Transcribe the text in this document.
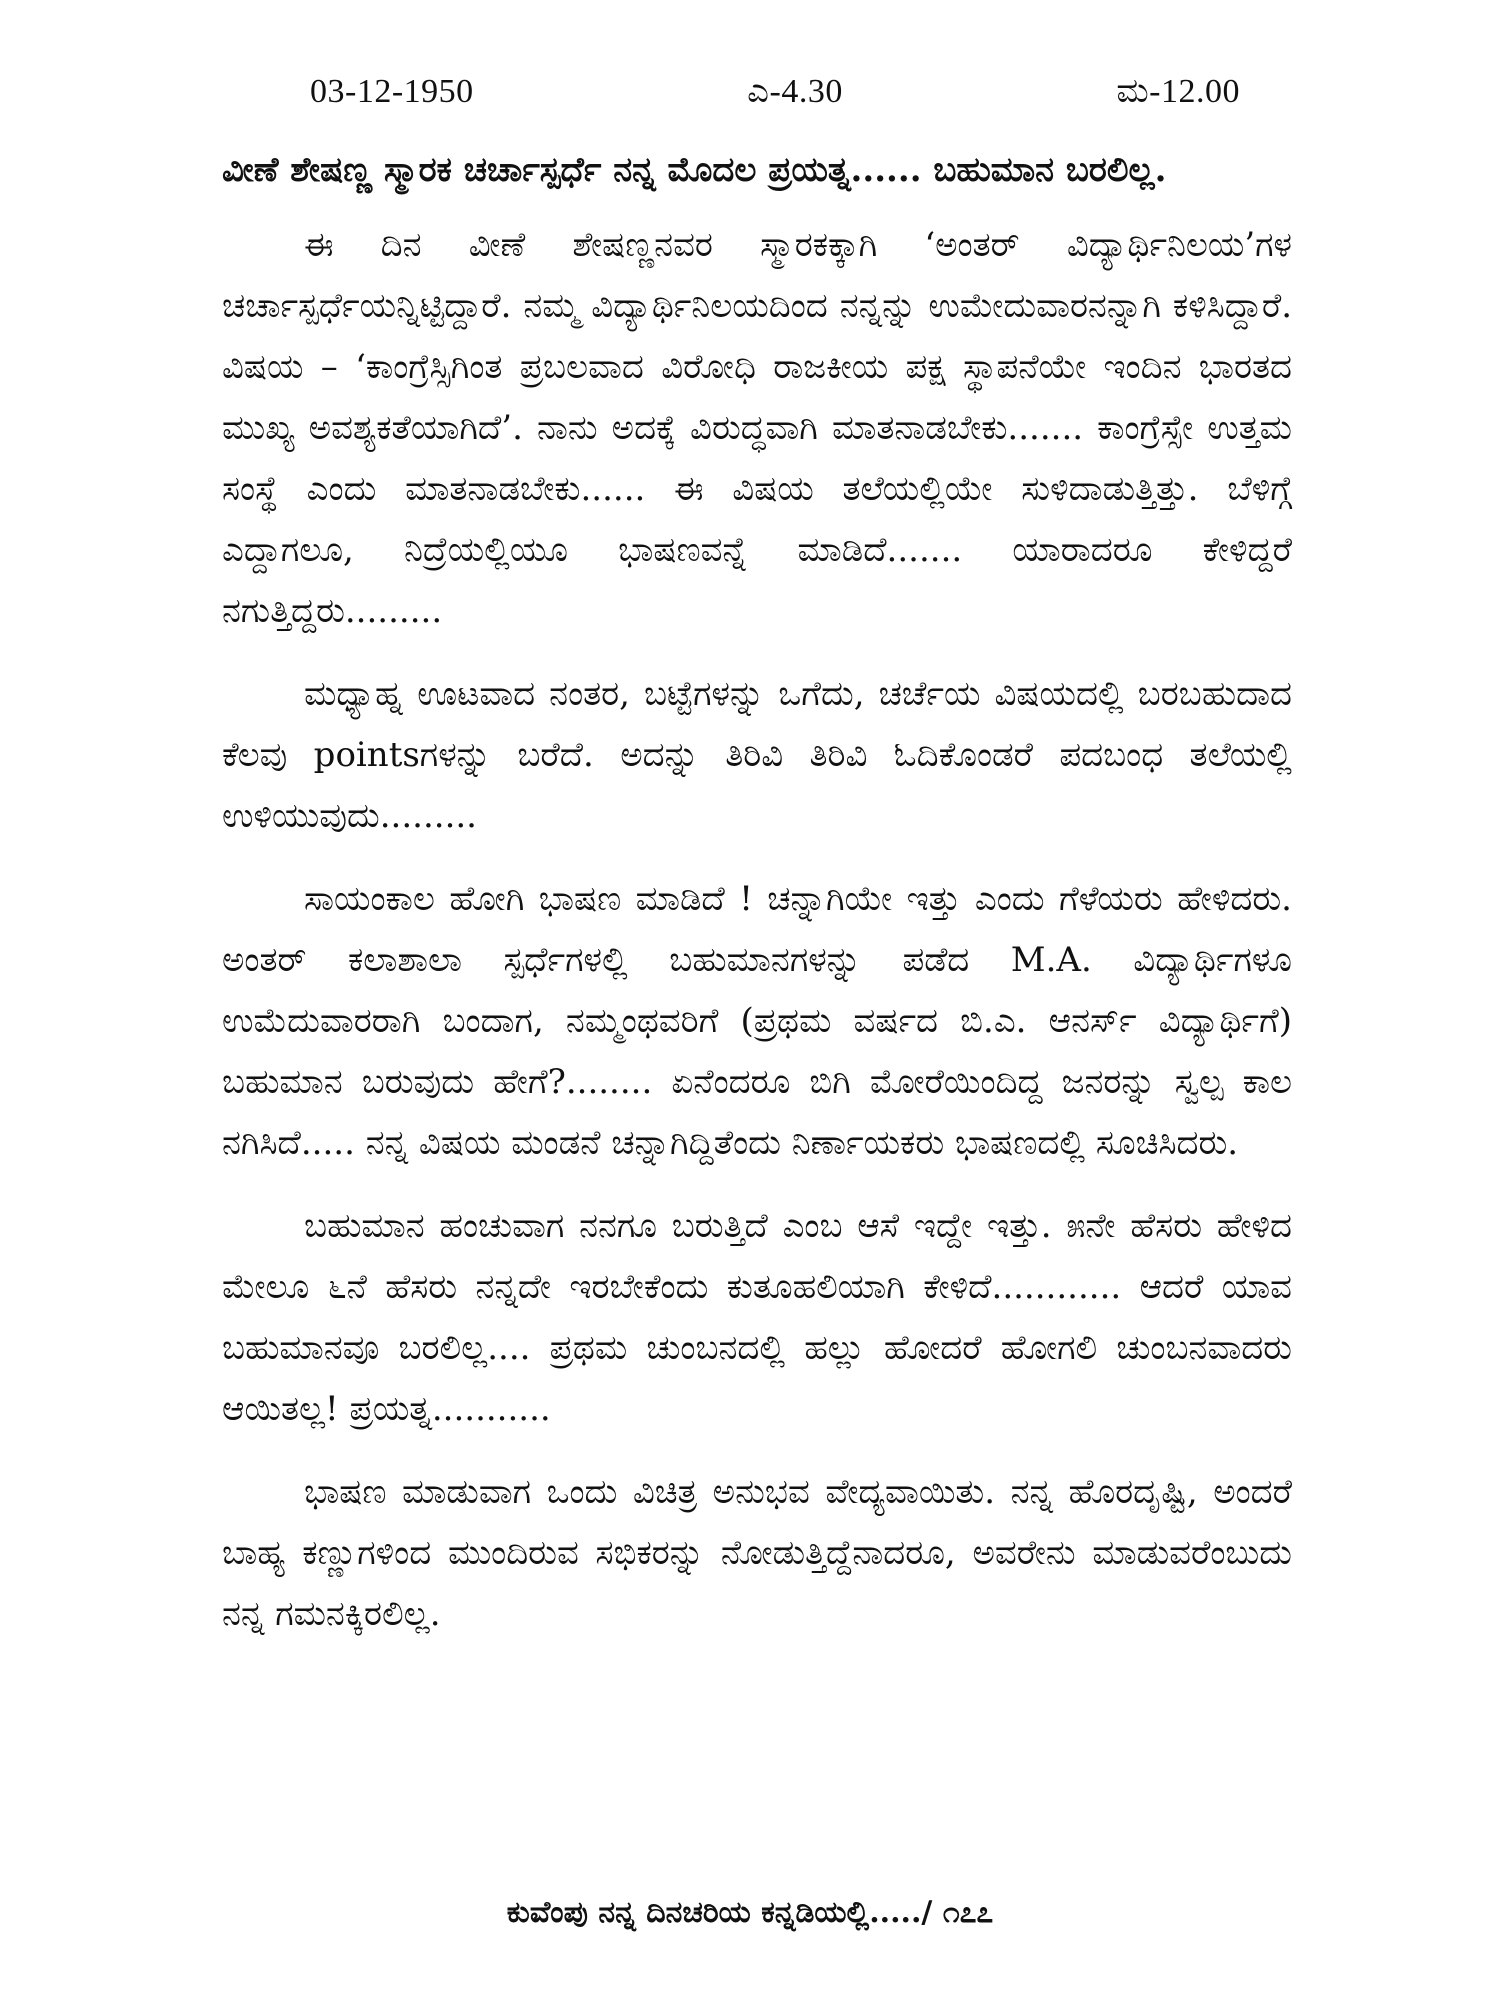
03-12-1950	ಎ-4.30	ಮ-12.00

ವೀಣೆ ಶೇಷಣ್ಣ ಸ್ಮಾರಕ ಚರ್ಚಾಸ್ಪರ್ಧೆ ನನ್ನ ಮೊದಲ ಪ್ರಯತ್ನ...... ಬಹುಮಾನ ಬರಲಿಲ್ಲ.

ಈ ದಿನ ವೀಣೆ ಶೇಷಣ್ಣನವರ ಸ್ಮಾರಕಕ್ಕಾಗಿ ‘ಅಂತರ್ ವಿದ್ಯಾರ್ಥಿನಿಲಯ’ಗಳ ಚರ್ಚಾಸ್ಪರ್ಧೆಯನ್ನಿಟ್ಟಿದ್ದಾರೆ. ನಮ್ಮ ವಿದ್ಯಾರ್ಥಿನಿಲಯದಿಂದ ನನ್ನನ್ನು ಉಮೇದುವಾರನನ್ನಾಗಿ ಕಳಿಸಿದ್ದಾರೆ. ವಿಷಯ – ‘ಕಾಂಗ್ರೆಸ್ಸಿಗಿಂತ ಪ್ರಬಲವಾದ ವಿರೋಧಿ ರಾಜಕೀಯ ಪಕ್ಷ ಸ್ಥಾಪನೆಯೇ ಇಂದಿನ ಭಾರತದ ಮುಖ್ಯ ಅವಶ್ಯಕತೆಯಾಗಿದೆ’. ನಾನು ಅದಕ್ಕೆ ವಿರುದ್ಧವಾಗಿ ಮಾತನಾಡಬೇಕು....... ಕಾಂಗ್ರೆಸ್ಸೇ ಉತ್ತಮ ಸಂಸ್ಥೆ ಎಂದು ಮಾತನಾಡಬೇಕು...... ಈ ವಿಷಯ ತಲೆಯಲ್ಲಿಯೇ ಸುಳಿದಾಡುತ್ತಿತ್ತು. ಬೆಳಿಗ್ಗೆ ಎದ್ದಾಗಲೂ, ನಿದ್ರೆಯಲ್ಲಿಯೂ ಭಾಷಣವನ್ನೆ ಮಾಡಿದೆ....... ಯಾರಾದರೂ ಕೇಳಿದ್ದರೆ ನಗುತ್ತಿದ್ದರು.........

ಮಧ್ಯಾಹ್ನ ಊಟವಾದ ನಂತರ, ಬಟ್ಟೆಗಳನ್ನು ಒಗೆದು, ಚರ್ಚೆಯ ವಿಷಯದಲ್ಲಿ ಬರಬಹುದಾದ ಕೆಲವು pointsಗಳನ್ನು ಬರೆದೆ. ಅದನ್ನು ತಿರಿವಿ ತಿರಿವಿ ಓದಿಕೊಂಡರೆ ಪದಬಂಧ ತಲೆಯಲ್ಲಿ ಉಳಿಯುವುದು.........

ಸಾಯಂಕಾಲ ಹೋಗಿ ಭಾಷಣ ಮಾಡಿದೆ ! ಚನ್ನಾಗಿಯೇ ಇತ್ತು ಎಂದು ಗೆಳೆಯರು ಹೇಳಿದರು. ಅಂತರ್ ಕಲಾಶಾಲಾ ಸ್ಪರ್ಧೆಗಳಲ್ಲಿ ಬಹುಮಾನಗಳನ್ನು ಪಡೆದ M.A. ವಿದ್ಯಾರ್ಥಿಗಳೂ ಉಮೆದುವಾರರಾಗಿ ಬಂದಾಗ, ನಮ್ಮಂಥವರಿಗೆ (ಪ್ರಥಮ ವರ್ಷದ ಬಿ.ಎ. ಆನರ್ಸ್ ವಿದ್ಯಾರ್ಥಿಗೆ) ಬಹುಮಾನ ಬರುವುದು ಹೇಗೆ?........ ಏನೆಂದರೂ ಬಿಗಿ ಮೋರೆಯಿಂದಿದ್ದ ಜನರನ್ನು ಸ್ವಲ್ಪ ಕಾಲ ನಗಿಸಿದೆ..... ನನ್ನ ವಿಷಯ ಮಂಡನೆ ಚನ್ನಾಗಿದ್ದಿತೆಂದು ನಿರ್ಣಾಯಕರು ಭಾಷಣದಲ್ಲಿ ಸೂಚಿಸಿದರು.

ಬಹುಮಾನ ಹಂಚುವಾಗ ನನಗೂ ಬರುತ್ತಿದೆ ಎಂಬ ಆಸೆ ಇದ್ದೇ ಇತ್ತು. ೫ನೇ ಹೆಸರು ಹೇಳಿದ ಮೇಲೂ ೬ನೆ ಹೆಸರು ನನ್ನದೇ ಇರಬೇಕೆಂದು ಕುತೂಹಲಿಯಾಗಿ ಕೇಳಿದೆ............ ಆದರೆ ಯಾವ ಬಹುಮಾನವೂ ಬರಲಿಲ್ಲ.... ಪ್ರಥಮ ಚುಂಬನದಲ್ಲಿ ಹಲ್ಲು ಹೋದರೆ ಹೋಗಲಿ ಚುಂಬನವಾದರು ಆಯಿತಲ್ಲ! ಪ್ರಯತ್ನ...........

ಭಾಷಣ ಮಾಡುವಾಗ ಒಂದು ವಿಚಿತ್ರ ಅನುಭವ ವೇದ್ಯವಾಯಿತು. ನನ್ನ ಹೊರದೃಷ್ಟಿ, ಅಂದರೆ ಬಾಹ್ಯ ಕಣ್ಣುಗಳಿಂದ ಮುಂದಿರುವ ಸಭಿಕರನ್ನು ನೋಡುತ್ತಿದ್ದೆನಾದರೂ, ಅವರೇನು ಮಾಡುವರೆಂಬುದು ನನ್ನ ಗಮನಕ್ಕಿರಲಿಲ್ಲ.

ಕುವೆಂಪು ನನ್ನ ದಿನಚರಿಯ ಕನ್ನಡಿಯಲ್ಲಿ...../ ೧೭೭
